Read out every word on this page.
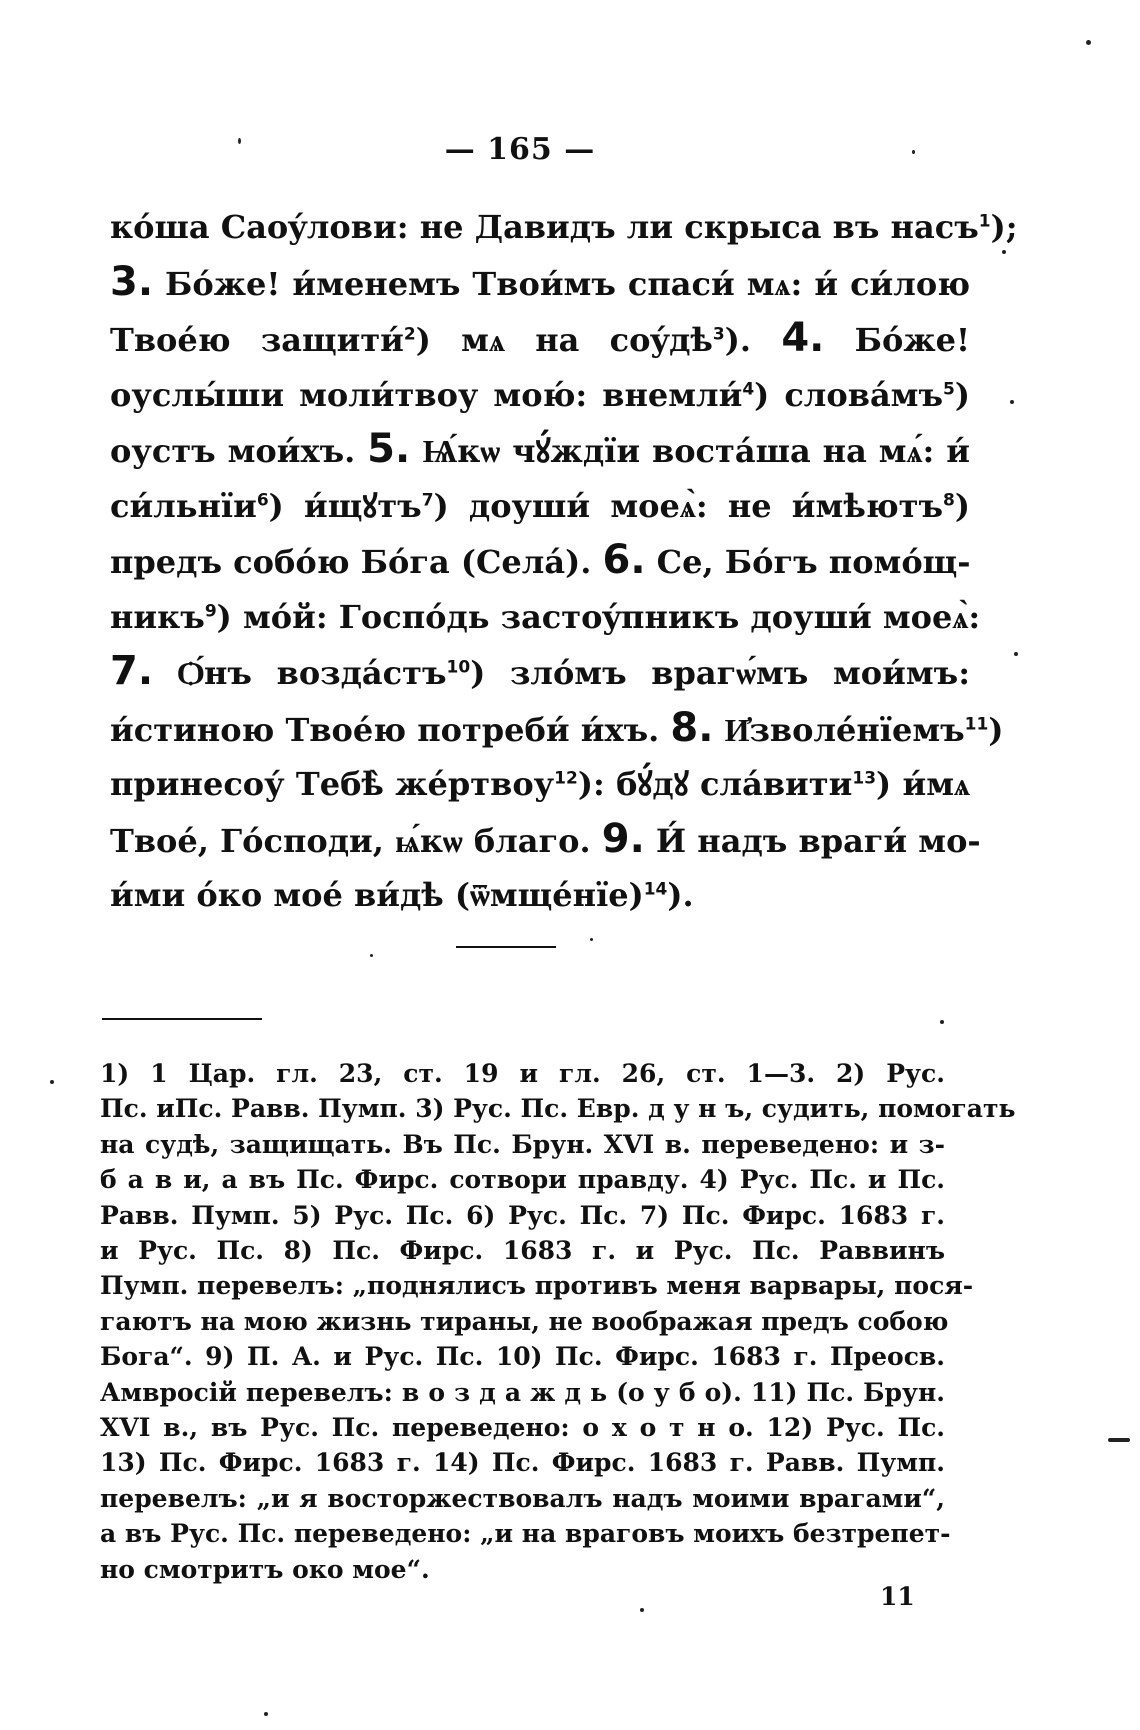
— 165 —
кóша Саоýлови: не Давидъ ли скрыса въ насъ$^1$);
3. Бóже! и́менемъ Твои́мъ спаси́ мѧ: и́ си́лою
Твоéю защити́$^2$) мѧ на соýдѣ$^3$). 4. Бóже!
оуслы́ши моли́твоу мою́: внемли́$^4$) словáмъ$^5$)
оустъ мои́хъ. 5. Ѩ́кѡ чꙋ́ждїи востáша на мѧ́: и́
си́льнїи$^6$) и́щꙋтъ$^7$) доуши́ моеѧ̀: не и́мѣютъ$^8$)
предъ собóю Бóга (Селá). 6. Се, Бóгъ помóщ-
никъ$^9$) мóй: Госпóдь застоýпникъ доуши́ моеѧ̀:
7. Ѻ́нъ воздáстъ$^{10}$) злóмъ врагѡ́мъ мои́мъ:
и́стиною Твоéю потреби́ и́хъ. 8. И҆зволéнїемъ$^{11}$)
принесоу́ Тебѣ̀ жéртвоу$^{12}$): бꙋ́дꙋ слáвити$^{13}$) и́мѧ
Твоé, Гóсподи, ѩ́кѡ благо. 9. И́ надъ враги́ мо-
и́ми óко моé ви́дѣ (ѿмщéнїе)$^{14}$).
1) 1 Цар. гл. 23, ст. 19 и гл. 26, ст. 1—3. 2) Рус.
Пс. иПс. Равв. Пумп. 3) Рус. Пс. Евр. д у н ъ, судить, помогать
на судѣ, защищать. Въ Пс. Брун. XVI в. переведено: и з-
б а в и, а въ Пс. Фирс. сотвори правду. 4) Рус. Пс. и Пс.
Равв. Пумп. 5) Рус. Пс. 6) Рус. Пс. 7) Пс. Фирс. 1683 г.
и Рус. Пс. 8) Пс. Фирс. 1683 г. и Рус. Пс. Раввинъ
Пумп. перевелъ: „поднялисъ противъ меня варвары, пося-
гаютъ на мою жизнь тираны, не воображая предъ собою
Бога“. 9) П. А. и Рус. Пс. 10) Пс. Фирс. 1683 г. Преосв.
Амвросій перевелъ: в о з д а ж д ь (о у б о). 11) Пс. Брун.
XVI в., въ Рус. Пс. переведено: о х о т н о. 12) Рус. Пс.
13) Пс. Фирс. 1683 г. 14) Пс. Фирс. 1683 г. Равв. Пумп.
перевелъ: „и я восторжествовалъ надъ моими врагами“,
а въ Рус. Пс. переведено: „и на враговъ моихъ безтрепет-
но смотритъ око мое“.
11
